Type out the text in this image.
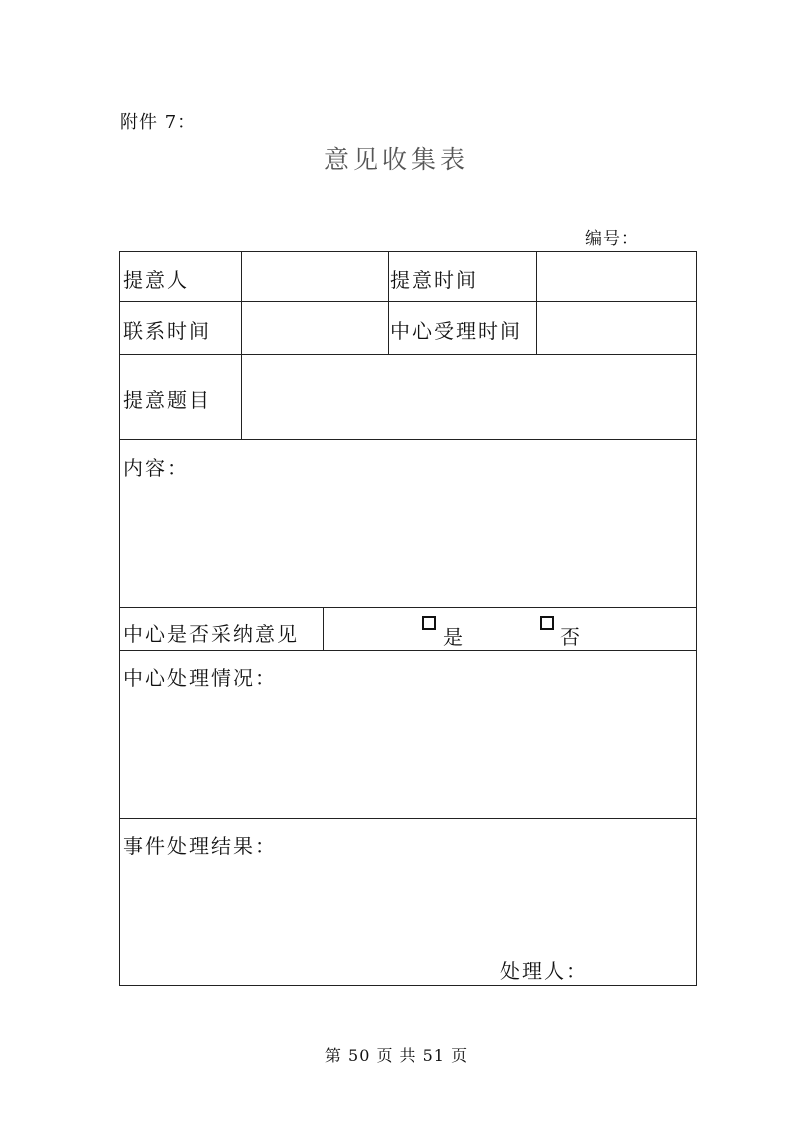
附件 7：
意见收集表
编号：
提意人	提意时间
联系时间	中心受理时间
提意题目
内容：
中心是否采纳意见	是	否
中心处理情况：
事件处理结果：
处理人：
第 50 页 共 51 页
